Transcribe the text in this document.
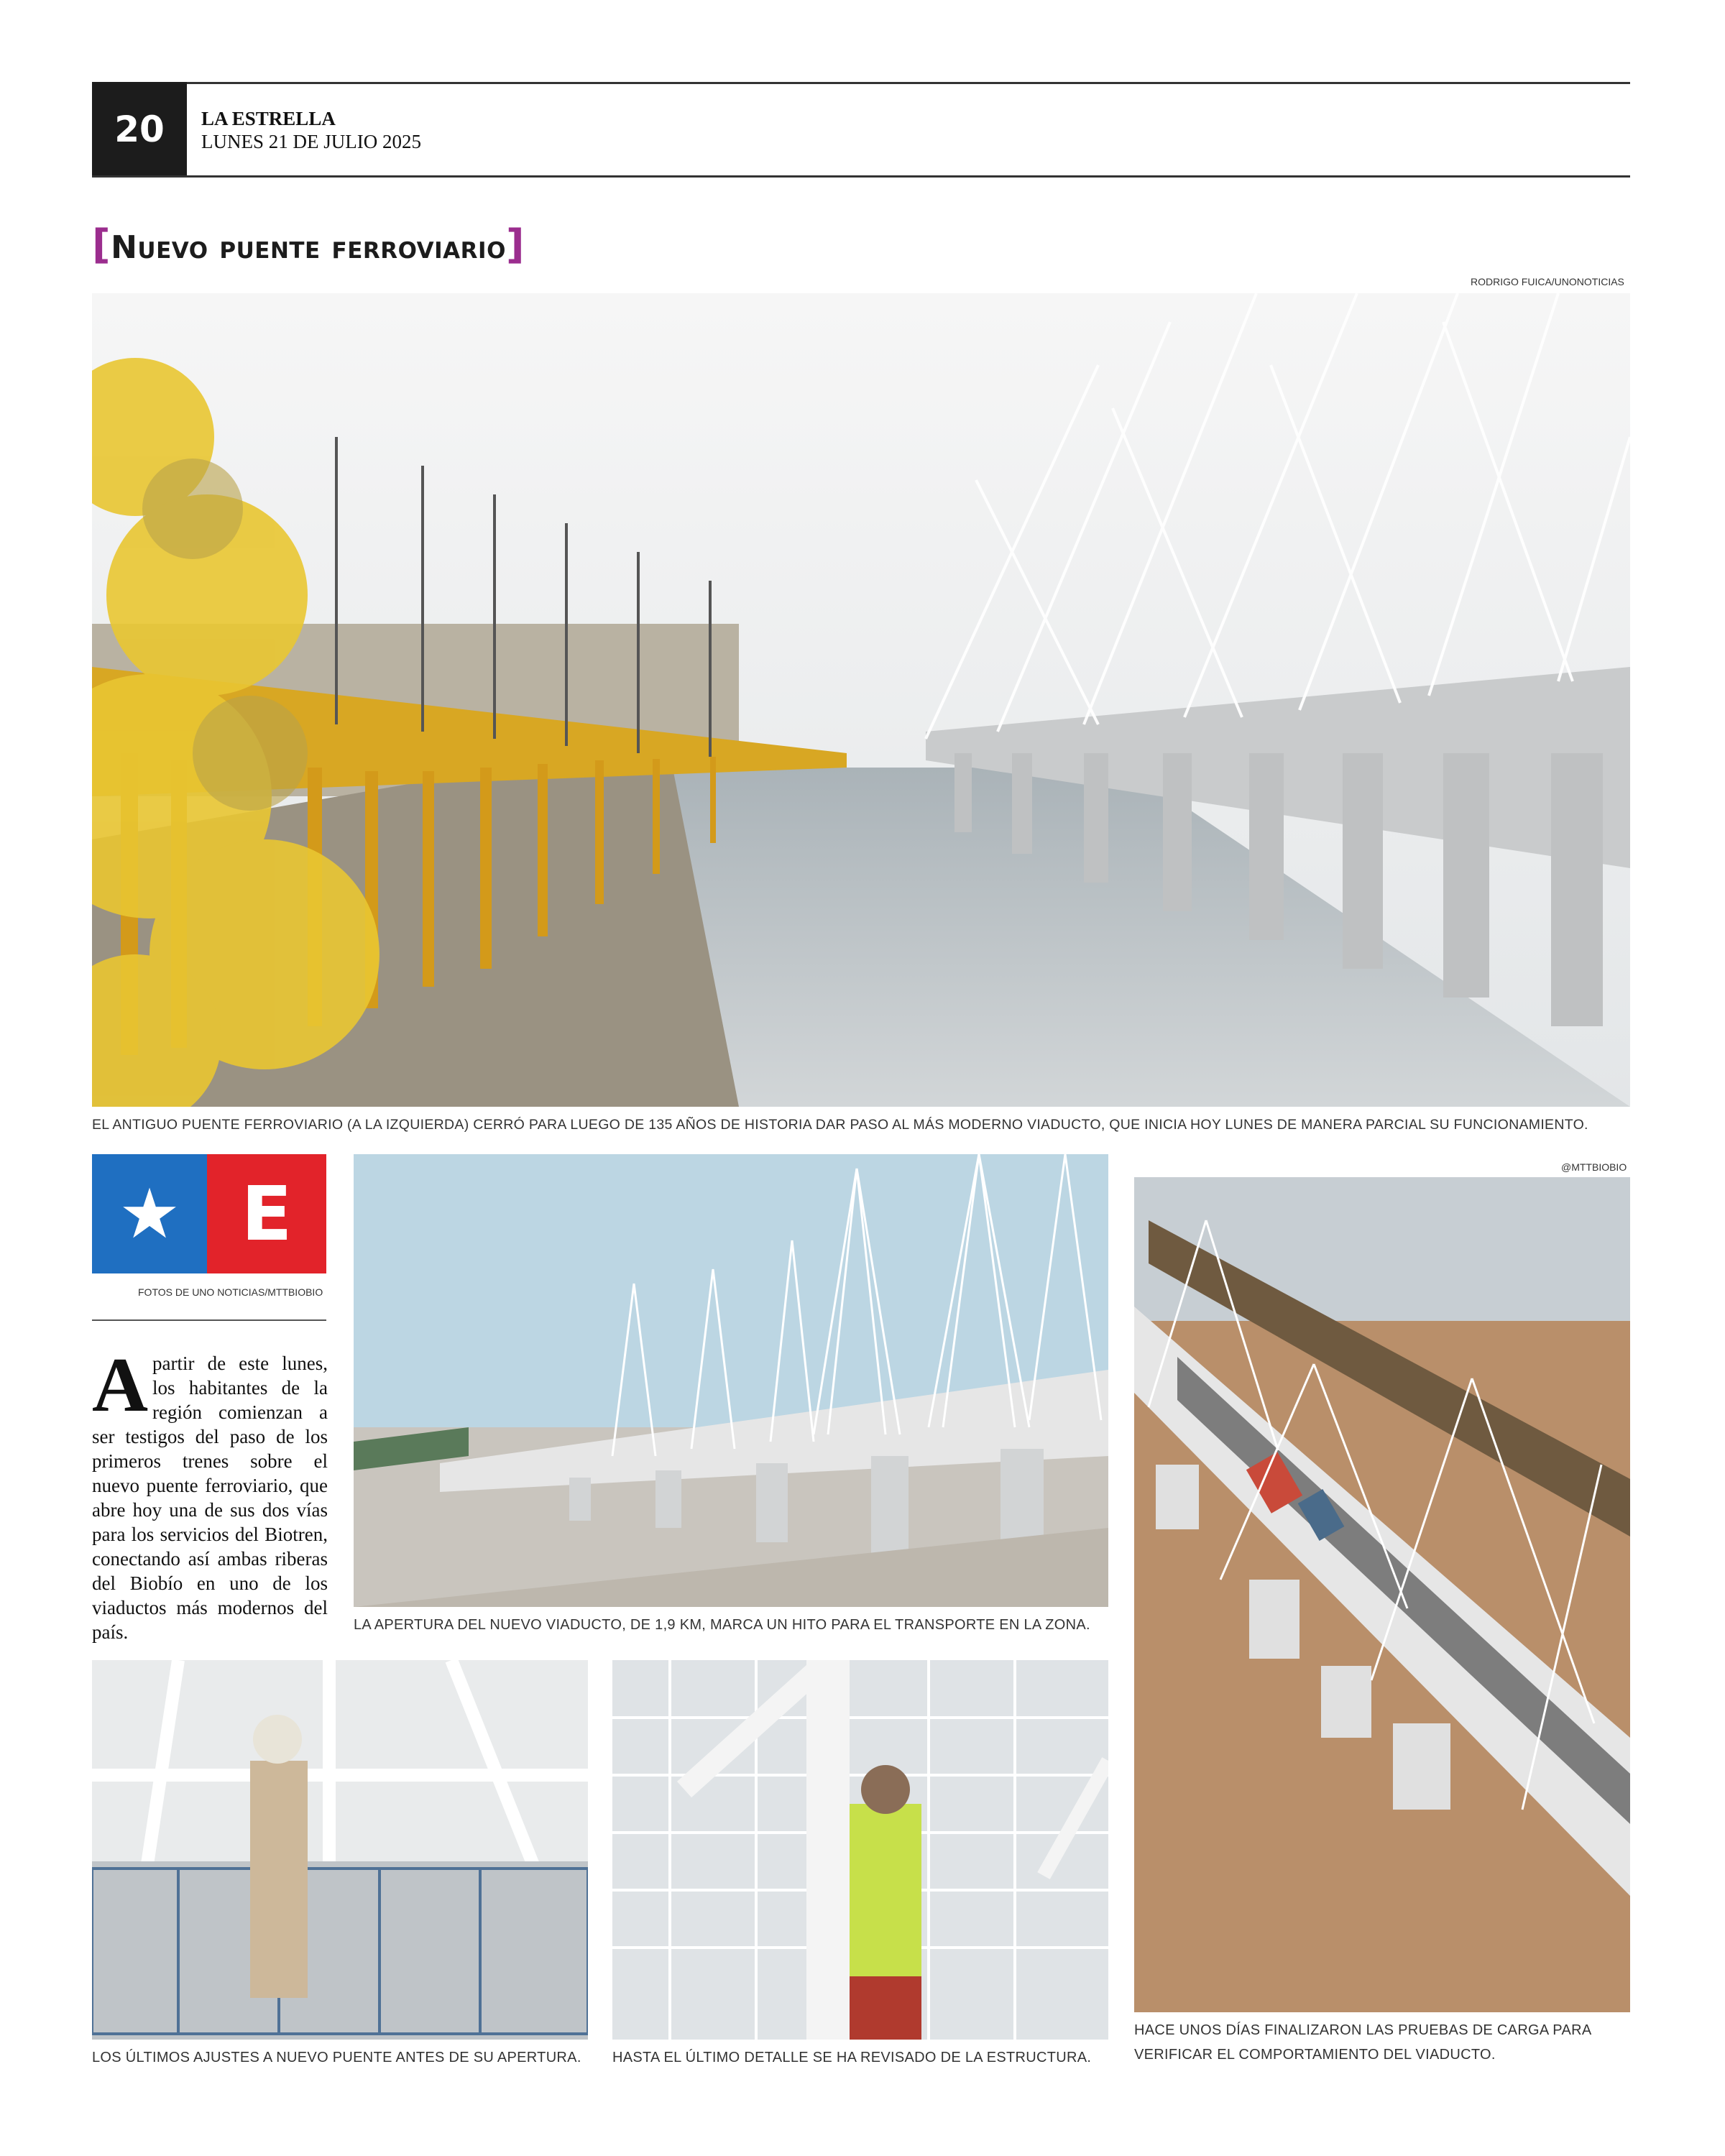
20	LA ESTRELLA
LUNES 21 DE JULIO 2025
[Nuevo puente ferroviario]
RODRIGO FUICA/UNONOTICIAS
EL ANTIGUO PUENTE FERROVIARIO (A LA IZQUIERDA) CERRÓ PARA LUEGO DE 135 AÑOS DE HISTORIA DAR PASO AL MÁS MODERNO VIADUCTO, QUE INICIA HOY LUNES DE MANERA PARCIAL SU FUNCIONAMIENTO.
★ E
FOTOS DE UNO NOTICIAS/MTTBIOBIO
Apartir de este lunes, los habitantes de la región comienzan a ser testigos del paso de los primeros trenes sobre el nuevo puente ferroviario, que abre hoy una de sus dos vías para los servicios del Biotren, conectando así ambas riberas del Biobío en uno de los viaductos más modernos del país.	LA APERTURA DEL NUEVO VIADUCTO, DE 1,9 KM, MARCA UN HITO PARA EL TRANSPORTE EN LA ZONA.
@MTTBIOBIO
HACE UNOS DÍAS FINALIZARON LAS PRUEBAS DE CARGA PARA
VERIFICAR EL COMPORTAMIENTO DEL VIADUCTO.
LOS ÚLTIMOS AJUSTES A NUEVO PUENTE ANTES DE SU APERTURA.	HASTA EL ÚLTIMO DETALLE SE HA REVISADO DE LA ESTRUCTURA.
